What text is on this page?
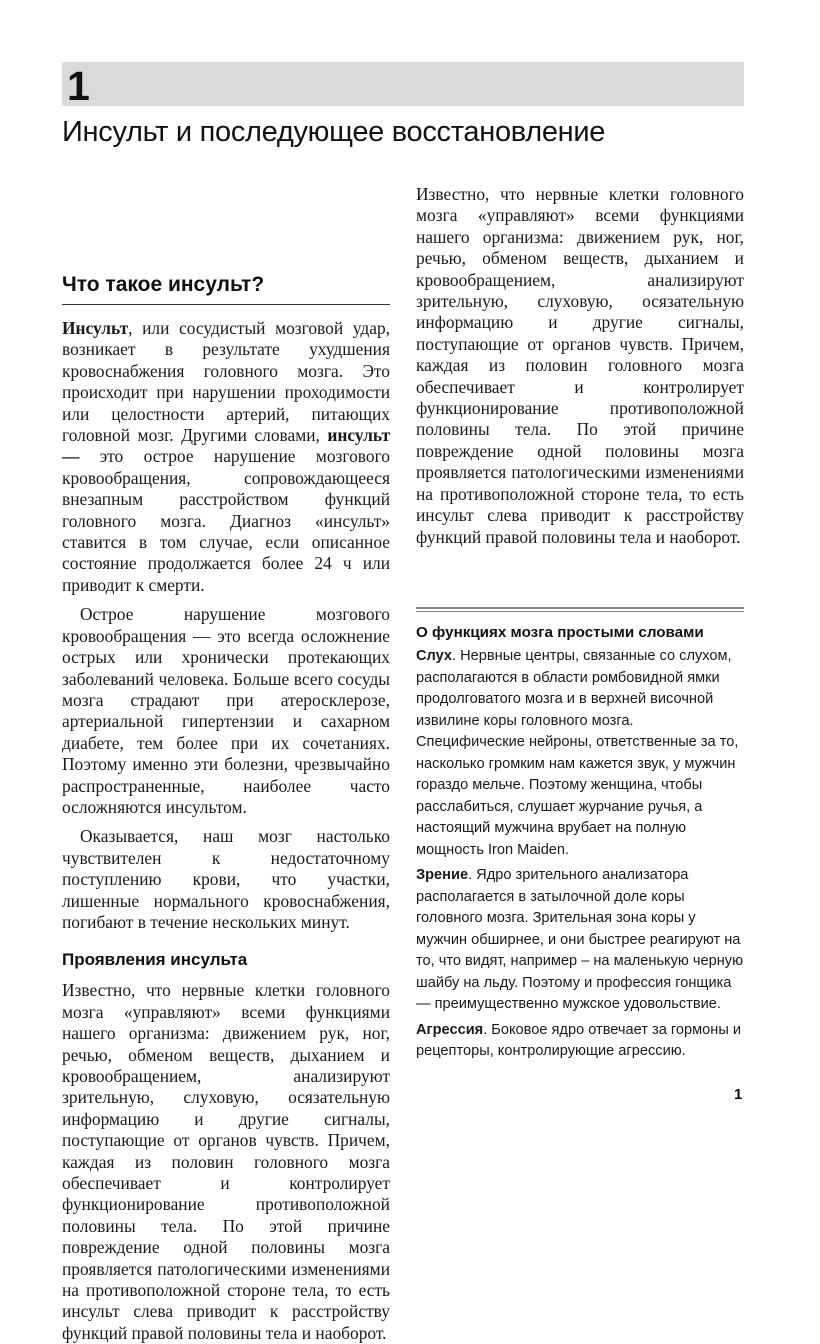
1
Инсульт и последующее восстановление
Что такое инсульт?

Инсульт, или сосудистый мозговой удар, возникает в результате ухудшения кровоснабжения головного мозга. Это происходит при нарушении проходимости или целостности артерий, питающих головной мозг. Другими словами, инсульт — это острое нарушение мозгового кровообращения, сопровождающееся внезапным расстройством функций головного мозга. Диагноз «инсульт» ставится в том случае, если описанное состояние продолжается более 24 ч или приводит к смерти.

Острое нарушение мозгового кровообращения — это всегда осложнение острых или хронически протекающих заболеваний человека. Больше всего сосуды мозга страдают при атеросклерозе, артериальной гипертензии и сахарном диабете, тем более при их сочетаниях. Поэтому именно эти болезни, чрезвычайно распространенные, наиболее часто осложняются инсультом.

Оказывается, наш мозг настолько чувствителен к недостаточному поступлению крови, что участки, лишенные нормального кровоснабжения, погибают в течение нескольких минут.

Проявления инсульта

Известно, что нервные клетки головного мозга «управляют» всеми функциями нашего организма: движением рук, ног, речью, обменом веществ, дыханием и кровообращением, анализируют зрительную, слуховую, осязательную информацию и другие сигналы, поступающие от органов чувств. Причем, каждая из половин головного мозга обеспечивает и контролирует функционирование противоположной половины тела. По этой причине повреждение одной половины мозга проявляется патологическими изменениями на противоположной стороне тела, то есть инсульт слева приводит к расстройству функций правой половины тела и наоборот.

Известно, что нервные клетки головного мозга «управляют» всеми функциями нашего организма: движением рук, ног, речью, обменом веществ, дыханием и кровообращением, анализируют зрительную, слуховую, осязательную информацию и другие сигналы, поступающие от органов чувств. Причем, каждая из половин головного мозга обеспечивает и контролирует функционирование противоположной половины тела. По этой причине повреждение одной половины мозга проявляется патологическими изменениями на противоположной стороне тела, то есть инсульт слева приводит к расстройству функций правой половины тела и наоборот.

О функциях мозга простыми словами

Слух. Нервные центры, связанные со слухом, располагаются в области ромбовидной ямки продолговатого мозга и в верхней височной извилине коры головного мозга. Специфические нейроны, ответственные за то, насколько громким нам кажется звук, у мужчин гораздо мельче. Поэтому женщина, чтобы расслабиться, слушает журчание ручья, а настоящий мужчина врубает на полную мощность Iron Maiden.

Зрение. Ядро зрительного анализатора располагается в затылочной доле коры головного мозга. Зрительная зона коры у мужчин обширнее, и они быстрее реагируют на то, что видят, например – на маленькую черную шайбу на льду. Поэтому и профессия гонщика — преимущественно мужское удовольствие.

Агрессия. Боковое ядро отвечает за гормоны и рецепторы, контролирующие агрессию.

1
